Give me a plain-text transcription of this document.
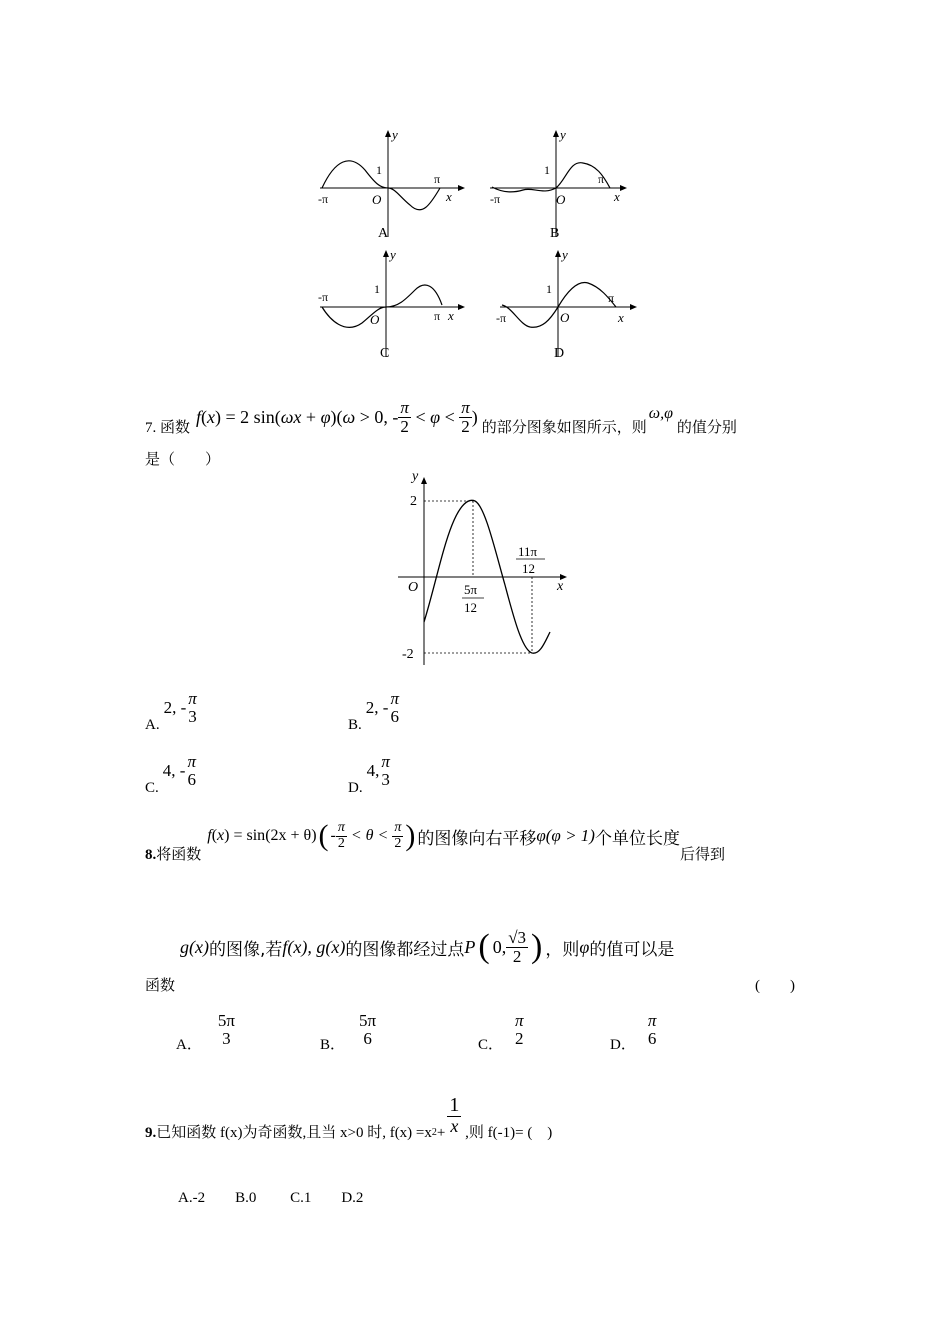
y
x
1
O
-π
π
A
y
x
1
O
-π
π
B
y
x
1
O
-π
π
C
y
x
1
O
-π
π
D
7. 函数
f ( x ) = 2 sin( ω x + φ )( ω > 0, - $\frac{\pi}{2} < \varphi < \frac{\pi}{2}$ )
的部分图象如图所示，则
ω,φ
的值分别
是（　　）
y
x
O
2
-2
5π
12
11π
12
A.
2, - π
3	B.
2, - π
6
C.
4, - π
6	D.
4, π
3
8.将函数
f ( x ) = sin (2x + θ) ( - $\frac{\pi}{2} < \theta < \frac{\pi}{2}$ ) 的图像向右平移 φ(φ > 1) 个单位长度
后得到
g(x) 的图像,若 f(x), g(x) 的图像都经过点 P ( 0, $\frac{√3}{2}$ ) ，则 φ 的值可以是
函数	(　　)
A．
5π
3	B．
5π
6	C．
π
2	D．
π
6
9. 已知函数 f(x)为奇函数,且当 x>0 时, f(x) =x $2 + \frac{1}{x}$ ,则 f(-1)= (　)
A.-2　　B.0　　 C.1　　D.2
